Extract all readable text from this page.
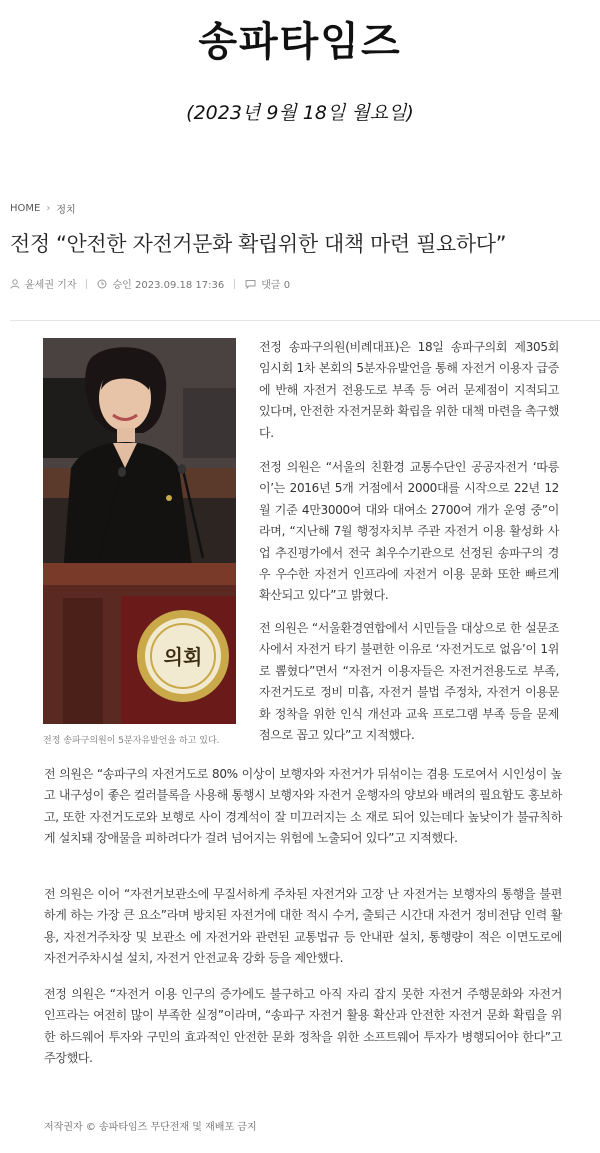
송파타임즈
(2023년 9월 18일 월요일)
HOME › 정치
전정 “안전한 자전거문화 확립위한 대책 마련 필요하다”
윤세권 기자	승인 2023.09.18 17:36	댓글 0
의회
전정 송파구의원이 5분자유발언을 하고 있다.
전정 송파구의원(비례대표)은 18일 송파구의회 제305회 임시회 1차 본회의 5분자유발언을 통해 자전거 이용자 급증에 반해 자전거 전용도로 부족 등 여러 문제점이 지적되고 있다며, 안전한 자전거문화 확립을 위한 대책 마련을 촉구했다.
전정 의원은 “서울의 친환경 교통수단인 공공자전거 ‘따릉이’는 2016년 5개 거점에서 2000대를 시작으로 22년 12월 기준 4만3000여 대와 대여소 2700여 개가 운영 중”이라며, “지난해 7월 행정자치부 주관 자전거 이용 활성화 사업 추진평가에서 전국 최우수기관으로 선정된 송파구의 경우 우수한 자전거 인프라에 자전거 이용 문화 또한 빠르게 확산되고 있다”고 밝혔다.
전 의원은 “서울환경연합에서 시민들을 대상으로 한 설문조사에서 자전거 타기 불편한 이유로 ‘자전거도로 없음’이 1위로 뽑혔다”면서 “자전거 이용자들은 자전거전용도로 부족, 자전거도로 정비 미흡, 자전거 불법 주정차, 자전거 이용문화 정착을 위한 인식 개선과 교육 프로그램 부족 등을 문제점으로 꼽고 있다”고 지적했다.
전 의원은 “송파구의 자전거도로 80% 이상이 보행자와 자전거가 뒤섞이는 겸용 도로여서 시인성이 높고 내구성이 좋은 컬러블록을 사용해 통행시 보행자와 자전거 운행자의 양보와 배려의 필요함도 홍보하고, 또한 자전거도로와 보행로 사이 경계석이 잘 미끄러지는 소 재로 되어 있는데다 높낮이가 불규칙하게 설치돼 장애물을 피하려다가 걸려 넘어지는 위험에 노출되어 있다”고 지적했다.
전 의원은 이어 “자전거보관소에 무질서하게 주차된 자전거와 고장 난 자전거는 보행자의 통행을 불편하게 하는 가장 큰 요소”라며 방치된 자전거에 대한 적시 수거, 출퇴근 시간대 자전거 정비전담 인력 활용, 자전거주차장 및 보관소 에 자전거와 관련된 교통법규 등 안내판 설치, 통행량이 적은 이면도로에 자전거주차시설 설치, 자전거 안전교육 강화 등을 제안했다.
전정 의원은 “자전거 이용 인구의 증가에도 불구하고 아직 자리 잡지 못한 자전거 주행문화와 자전거 인프라는 여전히 많이 부족한 실정”이라며, “송파구 자전거 활용 확산과 안전한 자전거 문화 확립을 위한 하드웨어 투자와 구민의 효과적인 안전한 문화 정착을 위한 소프트웨어 투자가 병행되어야 한다”고 주장했다.
저작권자 © 송파타임즈 무단전재 및 재배포 금지
